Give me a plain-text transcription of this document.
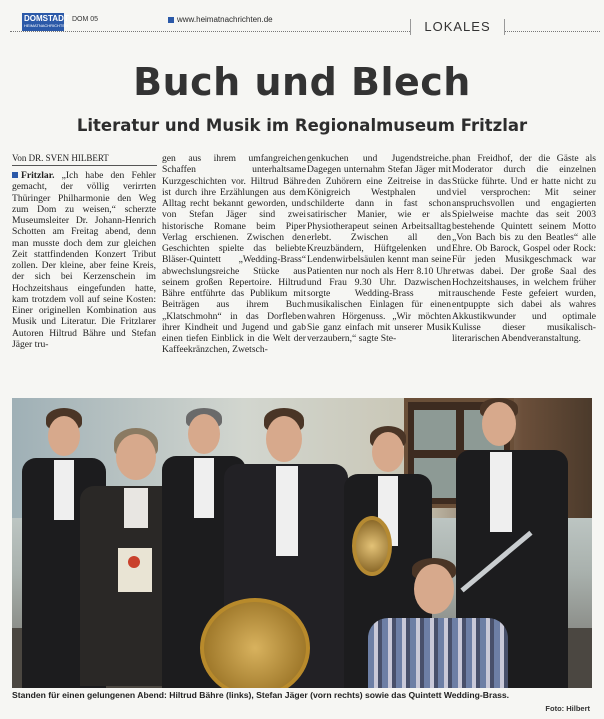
DOMSTADT
HEIMATNACHRICHTEN
DOM 05	www.heimatnachrichten.de	LOKALES
Buch und Blech
Literatur und Musik im Regionalmuseum Fritzlar
Von DR. SVEN HILBERT

Fritzlar. „Ich habe den Fehler gemacht, der völlig verirrten Thüringer Philharmonie den Weg zum Dom zu weisen,“ scherzte Museumsleiter Dr. Johann-Henrich Schotten am Freitag abend, denn man musste doch dem zur gleichen Zeit stattfindenden Konzert Tribut zollen. Der kleine, aber feine Kreis, der sich bei Kerzenschein im Hochzeitshaus eingefunden hatte, kam trotzdem voll auf seine Kosten: Einer originellen Kombination aus Musik und Literatur. Die Fritzlarer Autoren Hiltrud Bähre und Stefan Jäger tru-

gen aus ihrem umfangreichen Schaffen unterhaltsame Kurzgeschichten vor. Hiltrud Bähre ist durch ihre Erzählungen aus dem Alltag recht bekannt geworden, und von Stefan Jäger sind zwei historische Romane beim Piper Verlag erschienen. Zwischen den Geschichten spielte das beliebte Bläser-Quintett „Wedding-Brass“ abwechslungsreiche Stücke aus seinem großen Repertoire. Hiltrud Bähre entführte das Publikum mit Beiträgen aus ihrem Buch „Klatschmohn“ in das Dorfleben ihrer Kindheit und Jugend und gab einen tiefen Einblick in die Welt der Kaffeekränzchen, Zwetsch-

genkuchen und Jugendstreiche. Dagegen unternahm Stefan Jäger mit den Zuhörern eine Zeitreise in das Königreich Westphalen und schilderte dann in fast schon satirischer Manier, wie er als Physiotherapeut seinen Arbeitsalltag erlebt. Zwischen all den Kreuzbändern, Hüftgelenken und Lendenwirbelsäulen kennt man seine Patienten nur noch als Herr 8.10 Uhr und Frau 9.30 Uhr. Dazwischen sorgte Wedding-Brass mit musikalischen Einlagen für einen wahren Hörgenuss. „Wir möchten Sie ganz einfach mit unserer Musik verzaubern,“ sagte Ste-

phan Freidhof, der die Gäste als Moderator durch die einzelnen Stücke führte. Und er hatte nicht zu viel versprochen: Mit seiner anspruchsvollen und engagierten Spielweise machte das seit 2003 bestehende Quintett seinem Motto „Von Bach bis zu den Beatles“ alle Ehre. Ob Barock, Gospel oder Rock: Für jeden Musikgeschmack war etwas dabei. Der große Saal des Hochzeitshauses, in welchem früher rauschende Feste gefeiert wurden, entpuppte sich dabei als wahres Akkustikwunder und optimale Kulisse dieser musikalisch-literarischen Abendveranstaltung.

Standen für einen gelungenen Abend: Hiltrud Bähre (links), Stefan Jäger (vorn rechts) sowie das Quintett Wedding-Brass.
Foto: Hilbert
